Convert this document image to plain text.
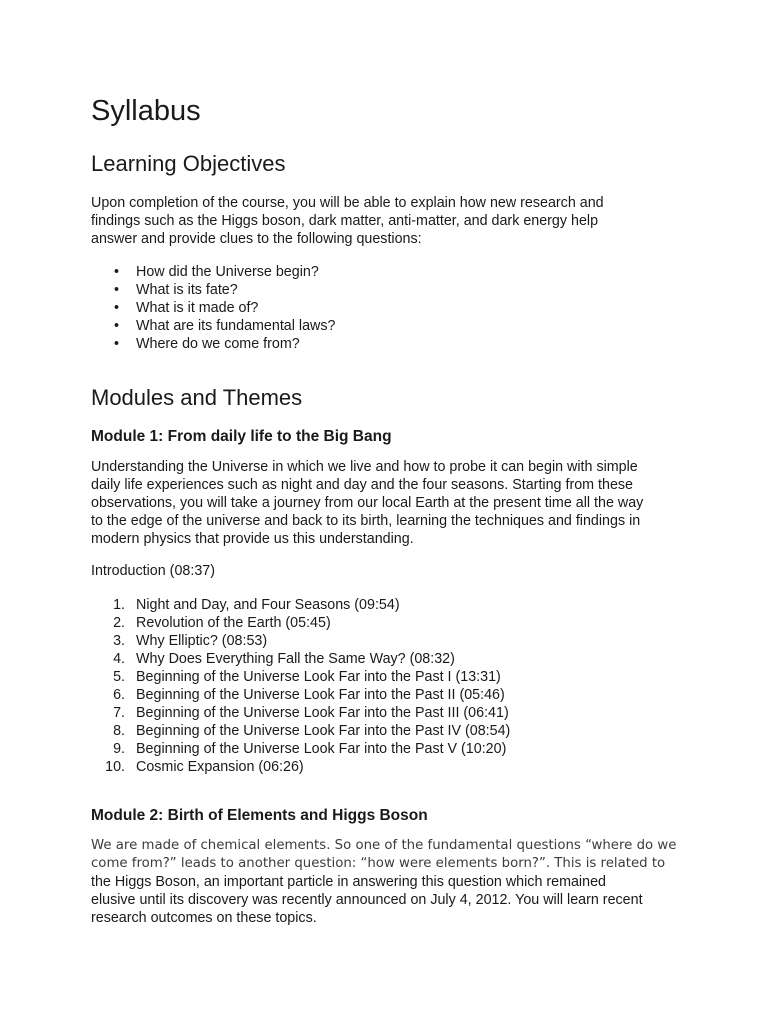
Syllabus
Learning Objectives
Upon completion of the course, you will be able to explain how new research and
findings such as the Higgs boson, dark matter, anti-matter, and dark energy help
answer and provide clues to the following questions:
• How did the Universe begin?
• What is its fate?
• What is it made of?
• What are its fundamental laws?
• Where do we come from?
Modules and Themes
Module 1: From daily life to the Big Bang
Understanding the Universe in which we live and how to probe it can begin with simple
daily life experiences such as night and day and the four seasons. Starting from these
observations, you will take a journey from our local Earth at the present time all the way
to the edge of the universe and back to its birth, learning the techniques and findings in
modern physics that provide us this understanding.
Introduction (08:37)
1. Night and Day, and Four Seasons (09:54)
2. Revolution of the Earth (05:45)
3. Why Elliptic? (08:53)
4. Why Does Everything Fall the Same Way? (08:32)
5. Beginning of the Universe Look Far into the Past I (13:31)
6. Beginning of the Universe Look Far into the Past II (05:46)
7. Beginning of the Universe Look Far into the Past III (06:41)
8. Beginning of the Universe Look Far into the Past IV (08:54)
9. Beginning of the Universe Look Far into the Past V (10:20)
10. Cosmic Expansion (06:26)
Module 2: Birth of Elements and Higgs Boson
We are made of chemical elements. So one of the fundamental questions “where do we
come from?” leads to another question: “how were elements born?”. This is related to
the Higgs Boson, an important particle in answering this question which remained
elusive until its discovery was recently announced on July 4, 2012. You will learn recent
research outcomes on these topics.
